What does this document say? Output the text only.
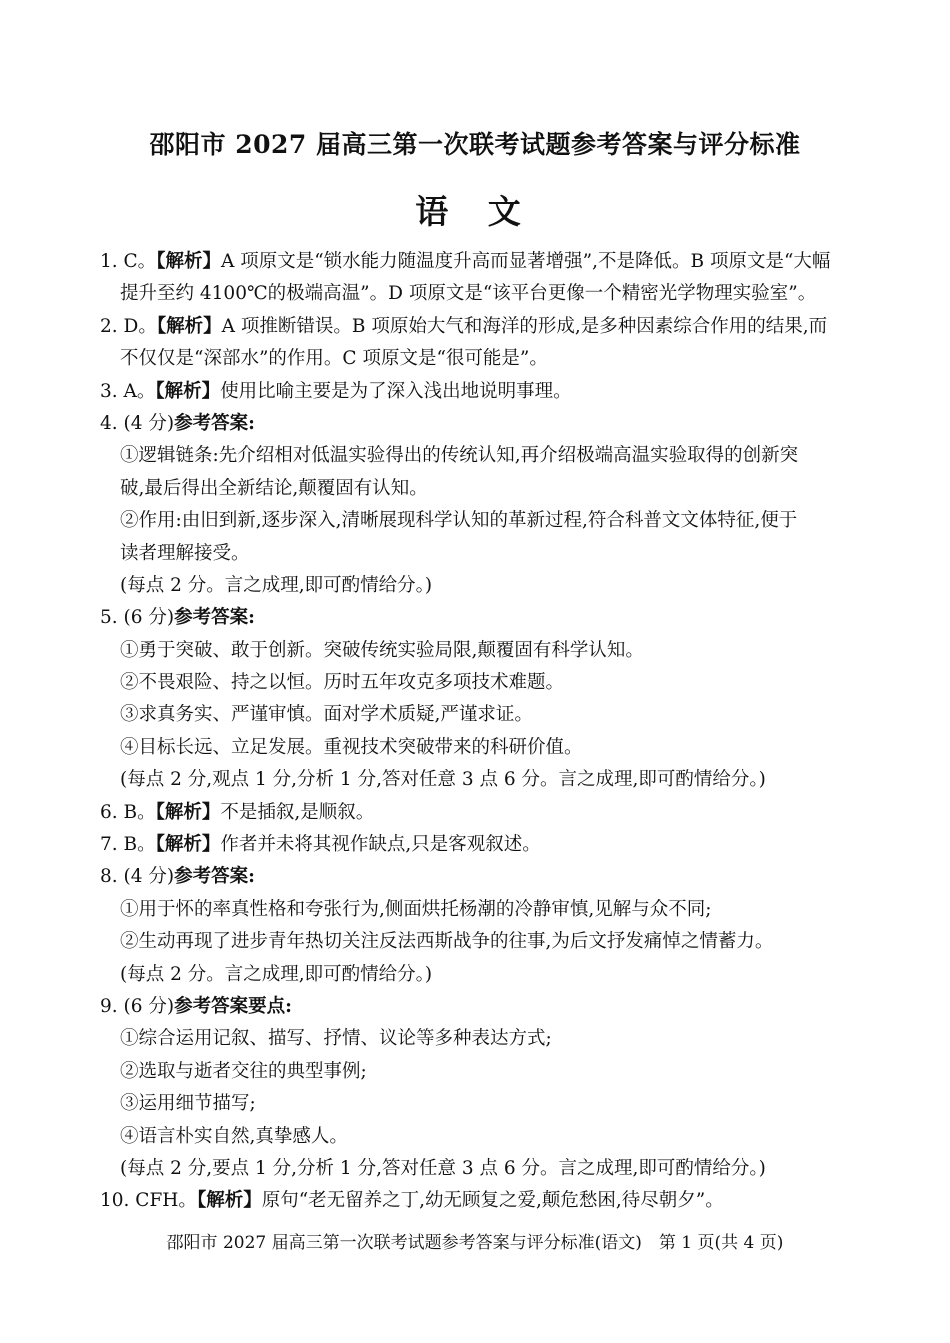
邵阳市 2027 届高三第一次联考试题参考答案与评分标准
语 文
1. C。【解析】A 项原文是“锁水能力随温度升高而显著增强”,不是降低。B 项原文是“大幅
提升至约 4100℃的极端高温”。D 项原文是“该平台更像一个精密光学物理实验室”。
2. D。【解析】A 项推断错误。B 项原始大气和海洋的形成,是多种因素综合作用的结果,而
不仅仅是“深部水”的作用。C 项原文是“很可能是”。
3. A。【解析】使用比喻主要是为了深入浅出地说明事理。
4. (4 分)参考答案:
①逻辑链条:先介绍相对低温实验得出的传统认知,再介绍极端高温实验取得的创新突
破,最后得出全新结论,颠覆固有认知。
②作用:由旧到新,逐步深入,清晰展现科学认知的革新过程,符合科普文文体特征,便于
读者理解接受。
(每点 2 分。言之成理,即可酌情给分。)
5. (6 分)参考答案:
①勇于突破、敢于创新。突破传统实验局限,颠覆固有科学认知。
②不畏艰险、持之以恒。历时五年攻克多项技术难题。
③求真务实、严谨审慎。面对学术质疑,严谨求证。
④目标长远、立足发展。重视技术突破带来的科研价值。
(每点 2 分,观点 1 分,分析 1 分,答对任意 3 点 6 分。言之成理,即可酌情给分。)
6. B。【解析】不是插叙,是顺叙。
7. B。【解析】作者并未将其视作缺点,只是客观叙述。
8. (4 分)参考答案:
①用于怀的率真性格和夸张行为,侧面烘托杨潮的冷静审慎,见解与众不同;
②生动再现了进步青年热切关注反法西斯战争的往事,为后文抒发痛悼之情蓄力。
(每点 2 分。言之成理,即可酌情给分。)
9. (6 分)参考答案要点:
①综合运用记叙、描写、抒情、议论等多种表达方式;
②选取与逝者交往的典型事例;
③运用细节描写;
④语言朴实自然,真挚感人。
(每点 2 分,要点 1 分,分析 1 分,答对任意 3 点 6 分。言之成理,即可酌情给分。)
10. CFH。【解析】原句“老无留养之丁,幼无顾复之爱,颠危愁困,待尽朝夕”。
邵阳市 2027 届高三第一次联考试题参考答案与评分标准(语文)　第 1 页(共 4 页)
